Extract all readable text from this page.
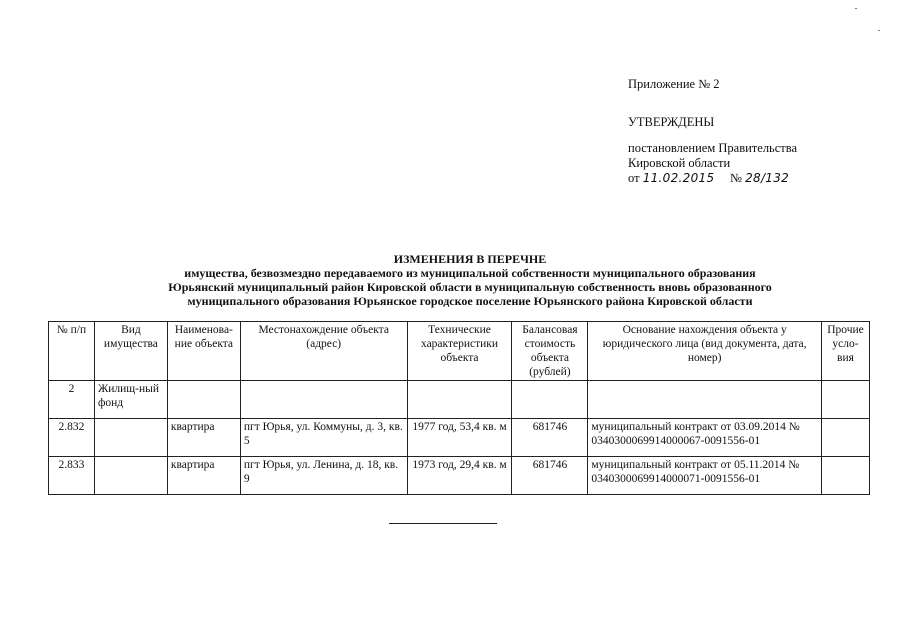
Приложение № 2
УТВЕРЖДЕНЫ
постановлением Правительства
Кировской области
от 11.02.2015 № 28/132
ИЗМЕНЕНИЯ В ПЕРЕЧНЕ
имущества, безвозмездно передаваемого из муниципальной собственности муниципального образования
Юрьянский муниципальный район Кировской области в муниципальную собственность вновь образованного
муниципального образования Юрьянское городское поселение Юрьянского района Кировской области
№ п/п	Вид имущества	Наименова-ние объекта	Местонахождение объекта (адрес)	Технические характеристики объекта	Балансовая стоимость объекта (рублей)	Основание нахождения объекта у юридического лица (вид документа, дата, номер)	Прочие усло-вия
2	Жилищ-ный фонд						
2.832		квартира	пгт Юрья, ул. Коммуны, д. 3, кв. 5	1977 год, 53,4 кв. м	681746	муниципальный контракт от 03.09.2014 № 0340300069914000067-0091556-01	
2.833		квартира	пгт Юрья, ул. Ленина, д. 18, кв. 9	1973 год, 29,4 кв. м	681746	муниципальный контракт от 05.11.2014 № 0340300069914000071-0091556-01	
